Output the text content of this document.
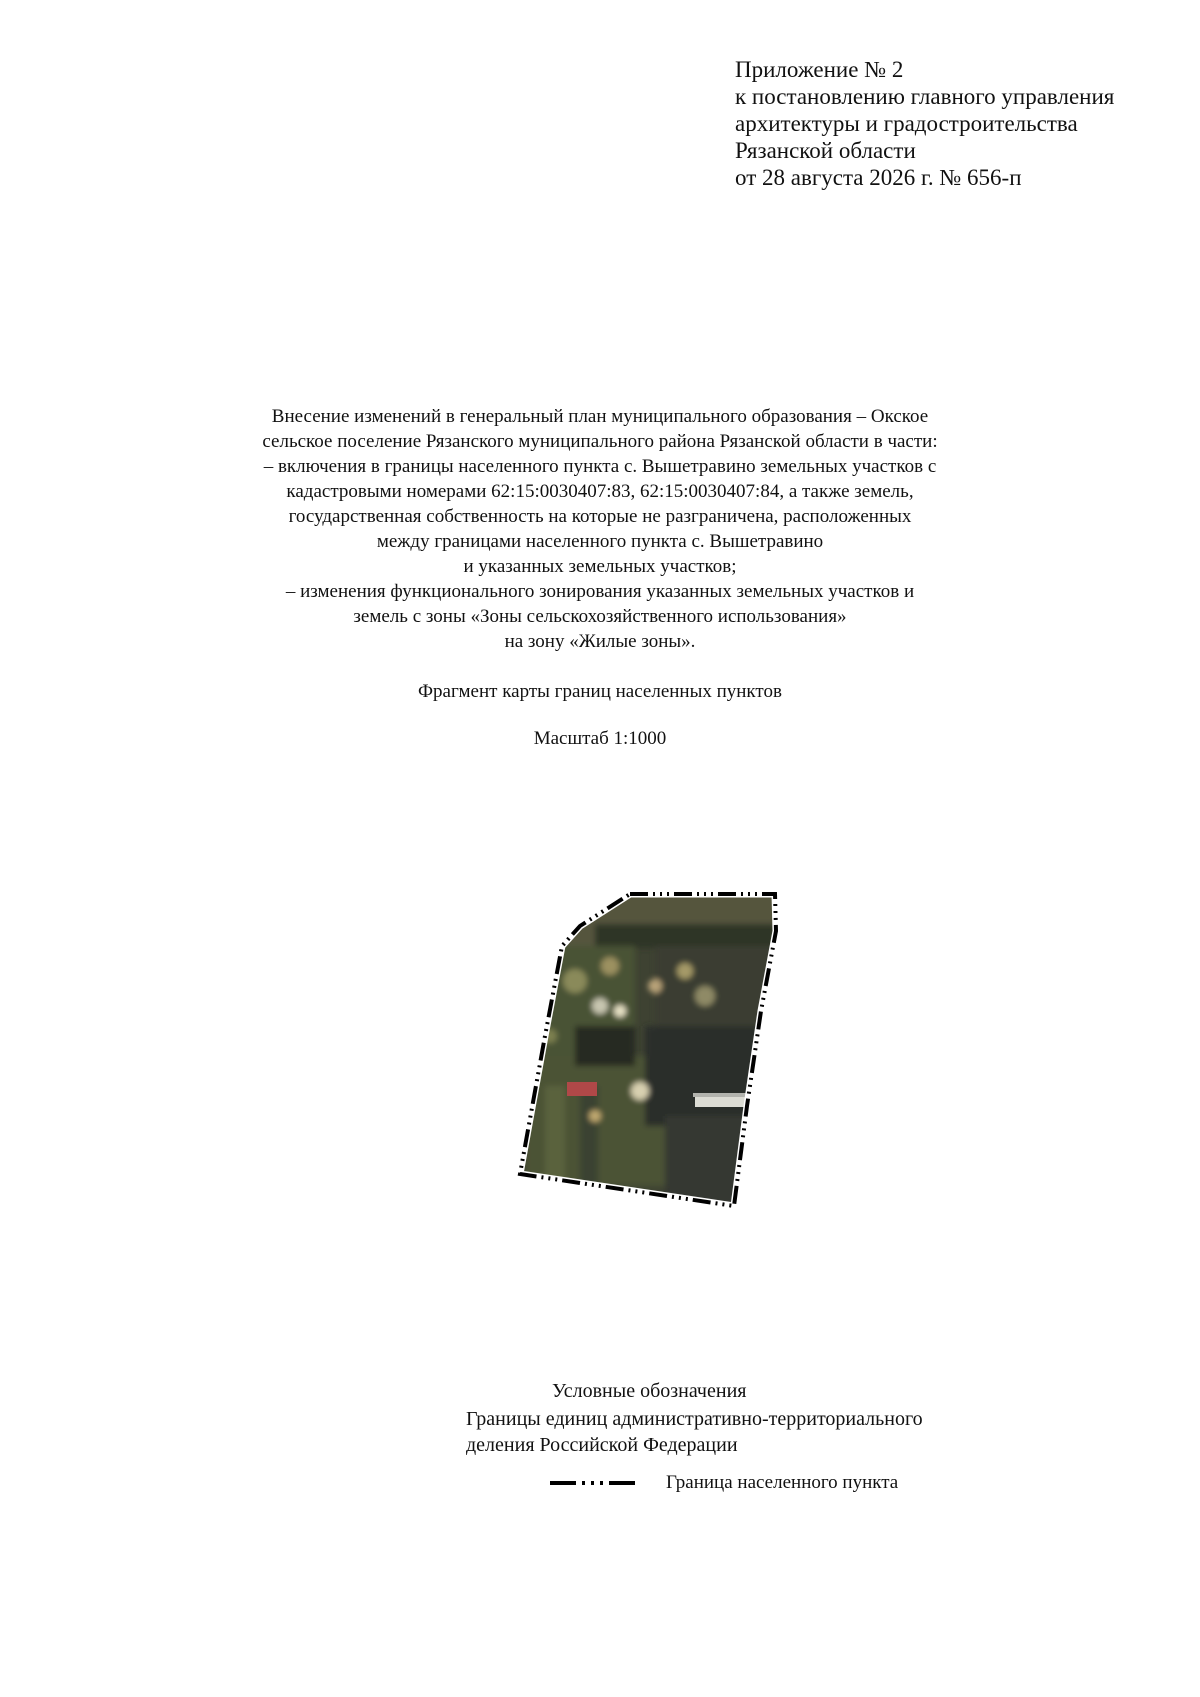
Приложение № 2
к постановлению главного управления
архитектуры и градостроительства
Рязанской области
от 28 августа 2026 г. № 656-п
Внесение изменений в генеральный план муниципального образования – Окское
сельское поселение Рязанского муниципального района Рязанской области в части:
– включения в границы населенного пункта с. Вышетравино земельных участков с
кадастровыми номерами 62:15:0030407:83, 62:15:0030407:84, а также земель,
государственная собственность на которые не разграничена, расположенных
между границами населенного пункта с. Вышетравино
и указанных земельных участков;
– изменения функционального зонирования указанных земельных участков и
земель с зоны «Зоны сельскохозяйственного использования»
на зону «Жилые зоны».
Фрагмент карты границ населенных пунктов
Масштаб 1:1000
Условные обозначения
Границы единиц административно-территориального
деления Российской Федерации
Граница населенного пункта
